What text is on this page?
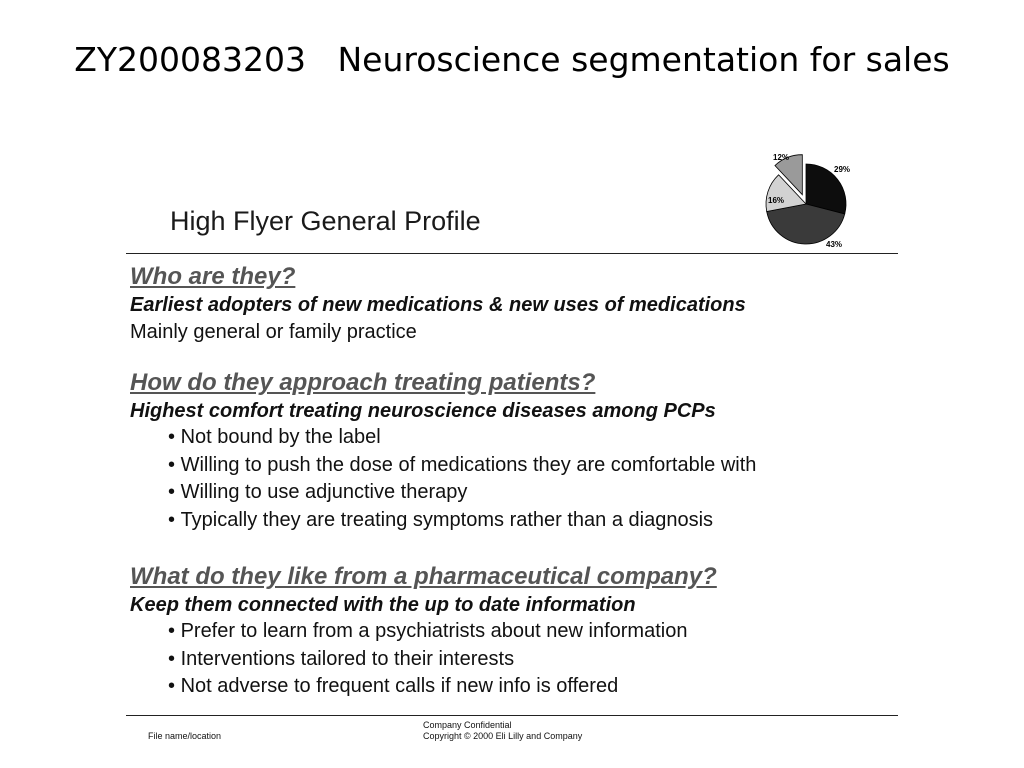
ZY200083203   Neuroscience segmentation for sales
High Flyer General Profile
29%
43%
16%
12%
Who are they?
Earliest adopters of new medications & new uses of medications
Mainly general or family practice
How do they approach treating patients?
Highest comfort treating neuroscience diseases among PCPs
• Not bound by the label
• Willing to push the dose of medications they are comfortable with
• Willing to use adjunctive therapy
• Typically they are treating symptoms rather than a diagnosis
What do they like from a pharmaceutical company?
Keep them connected with the up to date information
• Prefer to learn from a psychiatrists about new information
• Interventions tailored to their interests
• Not adverse to frequent calls if new info is offered
File name/location
Company Confidential
Copyright © 2000 Eli Lilly and Company
